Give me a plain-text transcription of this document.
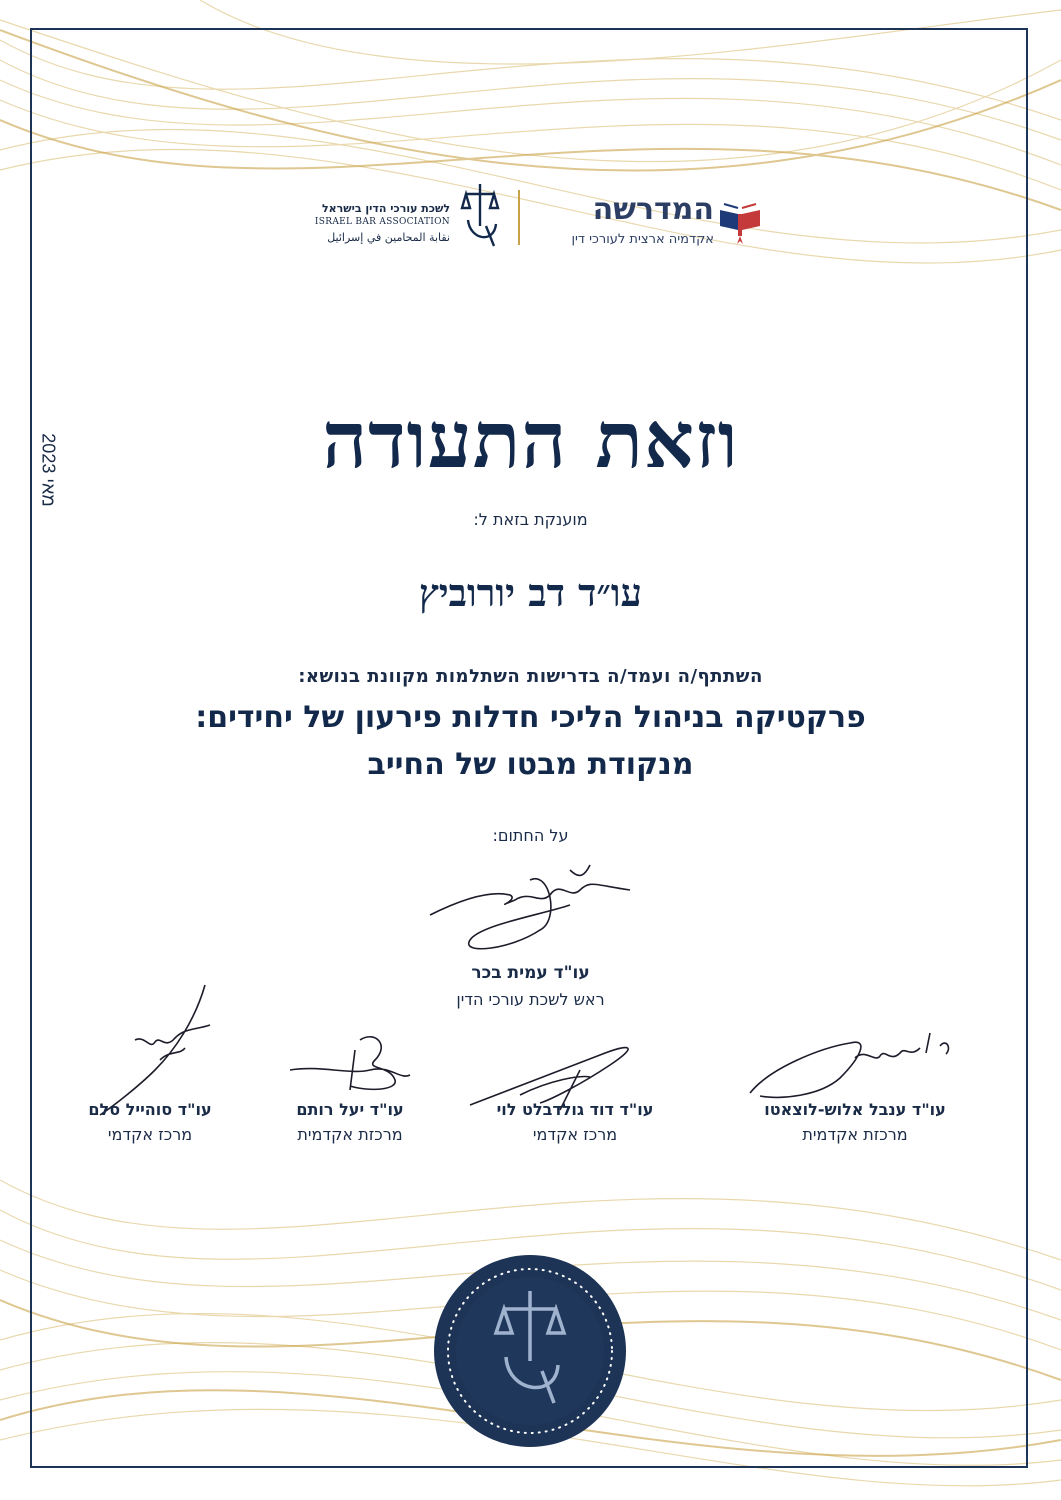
מאי 2023
לשכת עורכי הדין בישראל
ISRAEL BAR ASSOCIATION
نقابة المحامين في إسرائيل
המדרשה
אקדמיה ארצית לעורכי דין
וזאת התעודה
מוענקת בזאת ל:
עו״ד דב יורוביץ
השתתף/ה ועמד/ה בדרישות השתלמות מקוונת בנושא:
פרקטיקה בניהול הליכי חדלות פירעון של יחידים:
מנקודת מבטו של החייב
על החתום:
עו"ד עמית בכר
ראש לשכת עורכי הדין
עו"ד ענבל אלוש-לוצאטו
מרכזת אקדמית
עו"ד דוד גולדבלט לוי
מרכז אקדמי
עו"ד יעל רותם
מרכזת אקדמית
עו"ד סוהייל סלם
מרכז אקדמי
